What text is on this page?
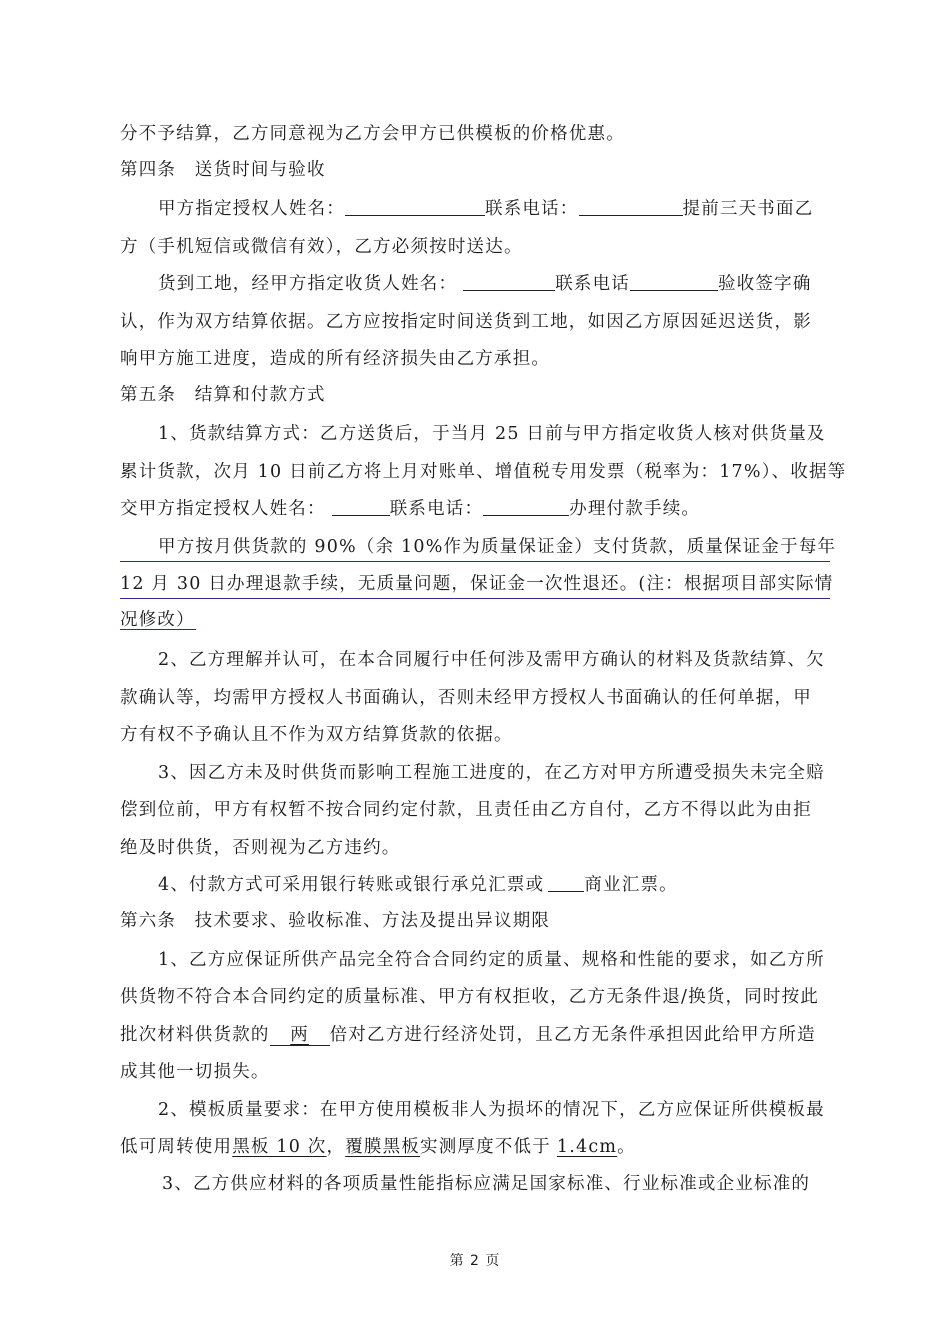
分不予结算，乙方同意视为乙方会甲方已供模板的价格优惠。
第四条　送货时间与验收
甲方指定授权人姓名：	联系电话：	提前三天书面乙
方（手机短信或微信有效），乙方必须按时送达。
货到工地，经甲方指定收货人姓名：	联系电话	验收签字确
认，作为双方结算依据。乙方应按指定时间送货到工地，如因乙方原因延迟送货，影
响甲方施工进度，造成的所有经济损失由乙方承担。
第五条　结算和付款方式
1、货款结算方式：乙方送货后，于当月 25 日前与甲方指定收货人核对供货量及
累计货款，次月 10 日前乙方将上月对账单、增值税专用发票（税率为：17%）、收据等
交甲方指定授权人姓名：	联系电话：	办理付款手续。
甲方按月供货款的 90%（余 10%作为质量保证金）支付货款，质量保证金于每年
12 月 30 日办理退款手续，无质量问题，保证金一次性退还。(注：根据项目部实际情
况修改）
2、乙方理解并认可，在本合同履行中任何涉及需甲方确认的材料及货款结算、欠
款确认等，均需甲方授权人书面确认，否则未经甲方授权人书面确认的任何单据，甲
方有权不予确认且不作为双方结算货款的依据。
3、因乙方未及时供货而影响工程施工进度的，在乙方对甲方所遭受损失未完全赔
偿到位前，甲方有权暂不按合同约定付款，且责任由乙方自付，乙方不得以此为由拒
绝及时供货，否则视为乙方违约。
4、付款方式可采用银行转账或银行承兑汇票或 商业汇票。
第六条　技术要求、验收标准、方法及提出异议期限
1、乙方应保证所供产品完全符合合同约定的质量、规格和性能的要求，如乙方所
供货物不符合本合同约定的质量标准、甲方有权拒收，乙方无条件退/换货，同时按此
批次材料供货款的 两 倍对乙方进行经济处罚，且乙方无条件承担因此给甲方所造
成其他一切损失。
2、模板质量要求：在甲方使用模板非人为损坏的情况下，乙方应保证所供模板最
低可周转使用黑板 10 次，覆膜黑板实测厚度不低于 1.4cm。
3、乙方供应材料的各项质量性能指标应满足国家标准、行业标准或企业标准的
第 2 页
